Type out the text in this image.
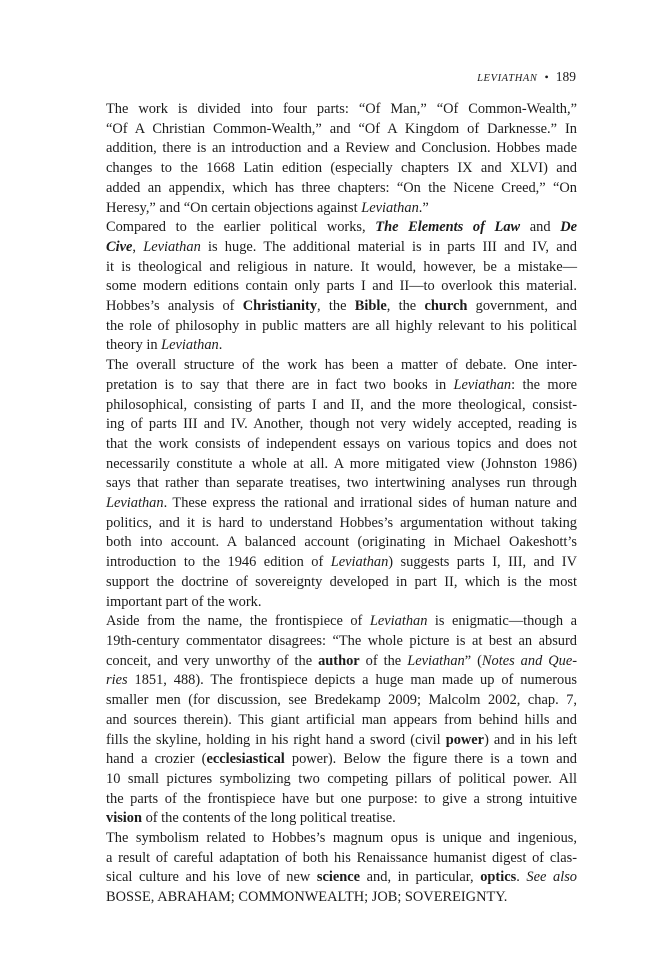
LEVIATHAN • 189

The work is divided into four parts: “Of Man,” “Of Common-Wealth,”
“Of A Christian Common-Wealth,” and “Of A Kingdom of Darknesse.” In
addition, there is an introduction and a Review and Conclusion. Hobbes made
changes to the 1668 Latin edition (especially chapters IX and XLVI) and
added an appendix, which has three chapters: “On the Nicene Creed,” “On
Heresy,” and “On certain objections against Leviathan.”

Compared to the earlier political works, The Elements of Law and De
Cive, Leviathan is huge. The additional material is in parts III and IV, and
it is theological and religious in nature. It would, however, be a mistake—
some modern editions contain only parts I and II—to overlook this material.
Hobbes’s analysis of Christianity, the Bible, the church government, and
the role of philosophy in public matters are all highly relevant to his political
theory in Leviathan.

The overall structure of the work has been a matter of debate. One inter-
pretation is to say that there are in fact two books in Leviathan: the more
philosophical, consisting of parts I and II, and the more theological, consist-
ing of parts III and IV. Another, though not very widely accepted, reading is
that the work consists of independent essays on various topics and does not
necessarily constitute a whole at all. A more mitigated view (Johnston 1986)
says that rather than separate treatises, two intertwining analyses run through
Leviathan. These express the rational and irrational sides of human nature and
politics, and it is hard to understand Hobbes’s argumentation without taking
both into account. A balanced account (originating in Michael Oakeshott’s
introduction to the 1946 edition of Leviathan) suggests parts I, III, and IV
support the doctrine of sovereignty developed in part II, which is the most
important part of the work.

Aside from the name, the frontispiece of Leviathan is enigmatic—though a
19th-century commentator disagrees: “The whole picture is at best an absurd
conceit, and very unworthy of the author of the Leviathan” (Notes and Que-
ries 1851, 488). The frontispiece depicts a huge man made up of numerous
smaller men (for discussion, see Bredekamp 2009; Malcolm 2002, chap. 7,
and sources therein). This giant artificial man appears from behind hills and
fills the skyline, holding in his right hand a sword (civil power) and in his left
hand a crozier (ecclesiastical power). Below the figure there is a town and
10 small pictures symbolizing two competing pillars of political power. All
the parts of the frontispiece have but one purpose: to give a strong intuitive
vision of the contents of the long political treatise.

The symbolism related to Hobbes’s magnum opus is unique and ingenious,
a result of careful adaptation of both his Renaissance humanist digest of clas-
sical culture and his love of new science and, in particular, optics. See also
BOSSE, ABRAHAM; COMMONWEALTH; JOB; SOVEREIGNTY.
